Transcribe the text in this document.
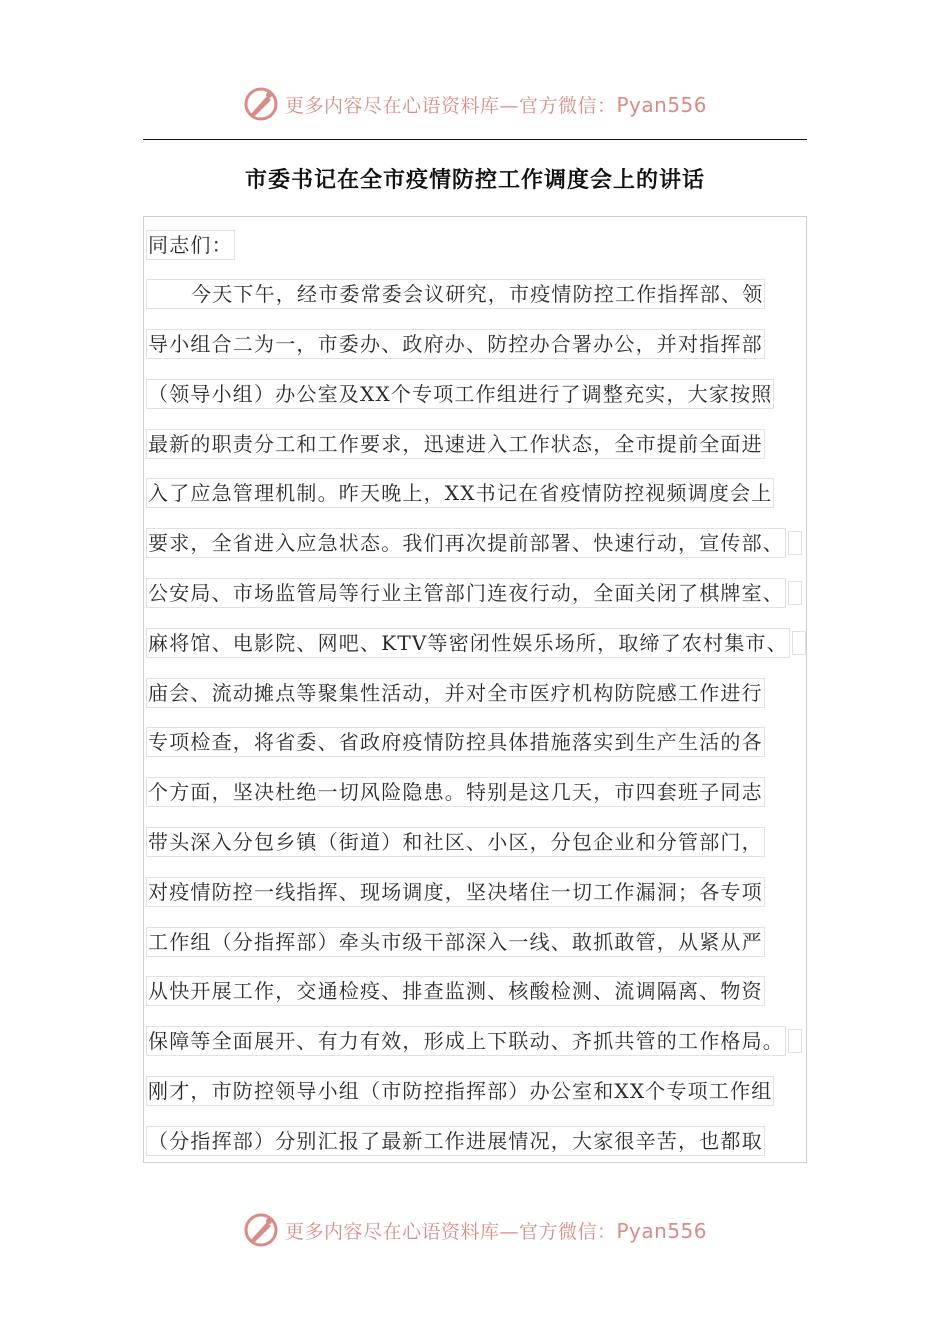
更多内容尽在心语资料库—官方微信：Pyan556
市委书记在全市疫情防控工作调度会上的讲话
同志们：
今天下午，经市委常委会议研究，市疫情防控工作指挥部、领
导小组合二为一，市委办、政府办、防控办合署办公，并对指挥部
（领导小组）办公室及XX个专项工作组进行了调整充实，大家按照
最新的职责分工和工作要求，迅速进入工作状态，全市提前全面进
入了应急管理机制。昨天晚上，XX书记在省疫情防控视频调度会上
要求，全省进入应急状态。我们再次提前部署、快速行动，宣传部、
公安局、市场监管局等行业主管部门连夜行动，全面关闭了棋牌室、
麻将馆、电影院、网吧、KTV等密闭性娱乐场所，取缔了农村集市、
庙会、流动摊点等聚集性活动，并对全市医疗机构防院感工作进行
专项检查，将省委、省政府疫情防控具体措施落实到生产生活的各
个方面，坚决杜绝一切风险隐患。特别是这几天，市四套班子同志
带头深入分包乡镇（街道）和社区、小区，分包企业和分管部门，
对疫情防控一线指挥、现场调度，坚决堵住一切工作漏洞；各专项
工作组（分指挥部）牵头市级干部深入一线、敢抓敢管，从紧从严
从快开展工作，交通检疫、排查监测、核酸检测、流调隔离、物资
保障等全面展开、有力有效，形成上下联动、齐抓共管的工作格局。
刚才，市防控领导小组（市防控指挥部）办公室和XX个专项工作组
（分指挥部）分别汇报了最新工作进展情况，大家很辛苦，也都取
更多内容尽在心语资料库—官方微信：Pyan556
